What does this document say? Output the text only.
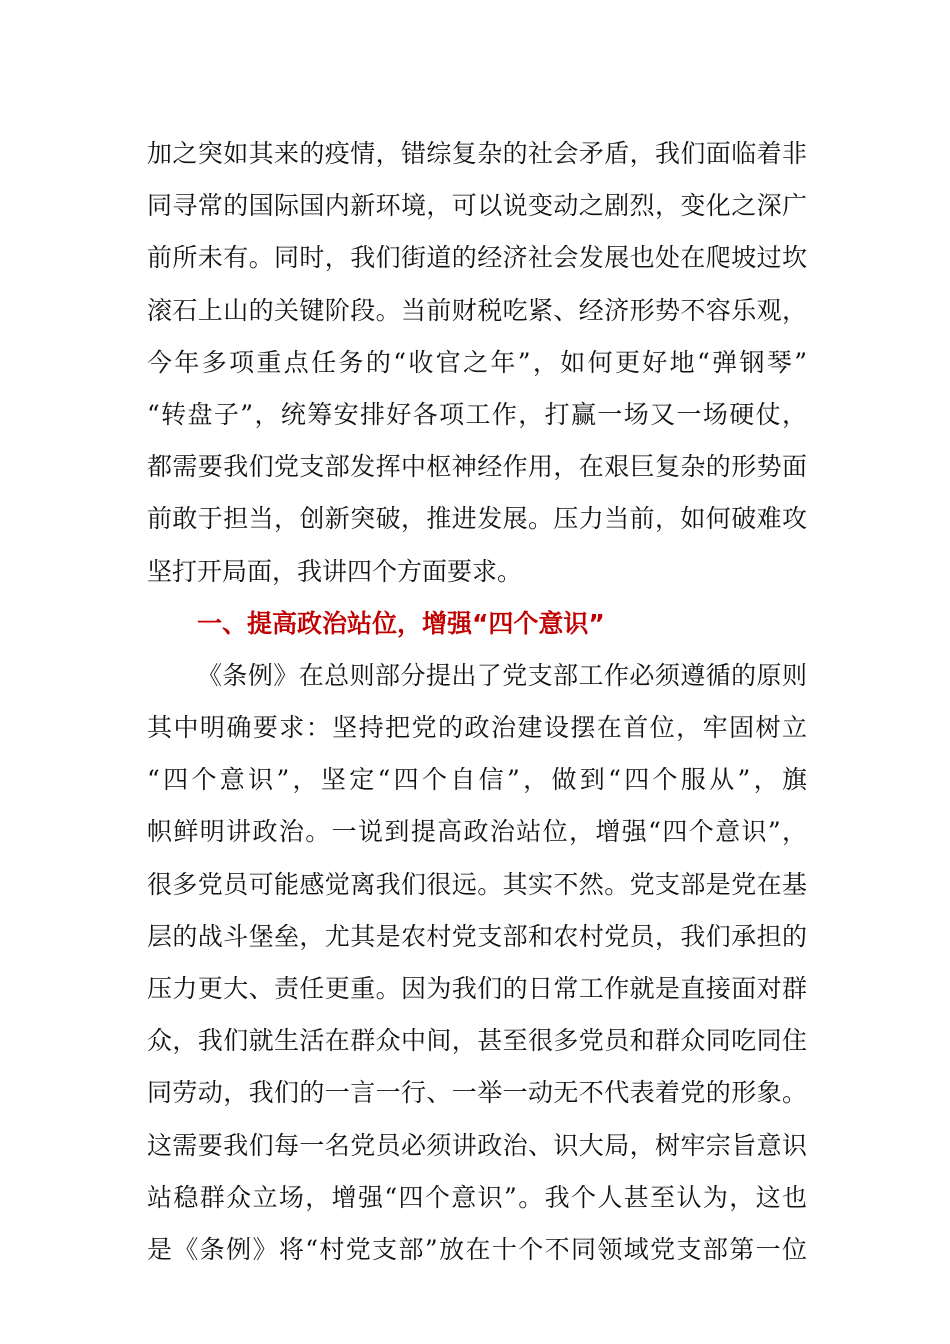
加之突如其来的疫情，错综复杂的社会矛盾，我们面临着非
同寻常的国际国内新环境，可以说变动之剧烈，变化之深广
前所未有。同时，我们街道的经济社会发展也处在爬坡过坎
滚石上山的关键阶段。当前财税吃紧、经济形势不容乐观，
今年多项重点任务的“收官之年”，如何更好地“弹钢琴”
“转盘子”，统筹安排好各项工作，打赢一场又一场硬仗，
都需要我们党支部发挥中枢神经作用，在艰巨复杂的形势面
前敢于担当，创新突破，推进发展。压力当前，如何破难攻
坚打开局面，我讲四个方面要求。
一、提高政治站位，增强“四个意识”
《条例》在总则部分提出了党支部工作必须遵循的原则
其中明确要求：坚持把党的政治建设摆在首位，牢固树立
“四个意识”，坚定“四个自信”，做到“四个服从”，旗
帜鲜明讲政治。一说到提高政治站位，增强“四个意识”，
很多党员可能感觉离我们很远。其实不然。党支部是党在基
层的战斗堡垒，尤其是农村党支部和农村党员，我们承担的
压力更大、责任更重。因为我们的日常工作就是直接面对群
众，我们就生活在群众中间，甚至很多党员和群众同吃同住
同劳动，我们的一言一行、一举一动无不代表着党的形象。
这需要我们每一名党员必须讲政治、识大局，树牢宗旨意识
站稳群众立场，增强“四个意识”。我个人甚至认为，这也
是《条例》将“村党支部”放在十个不同领域党支部第一位
